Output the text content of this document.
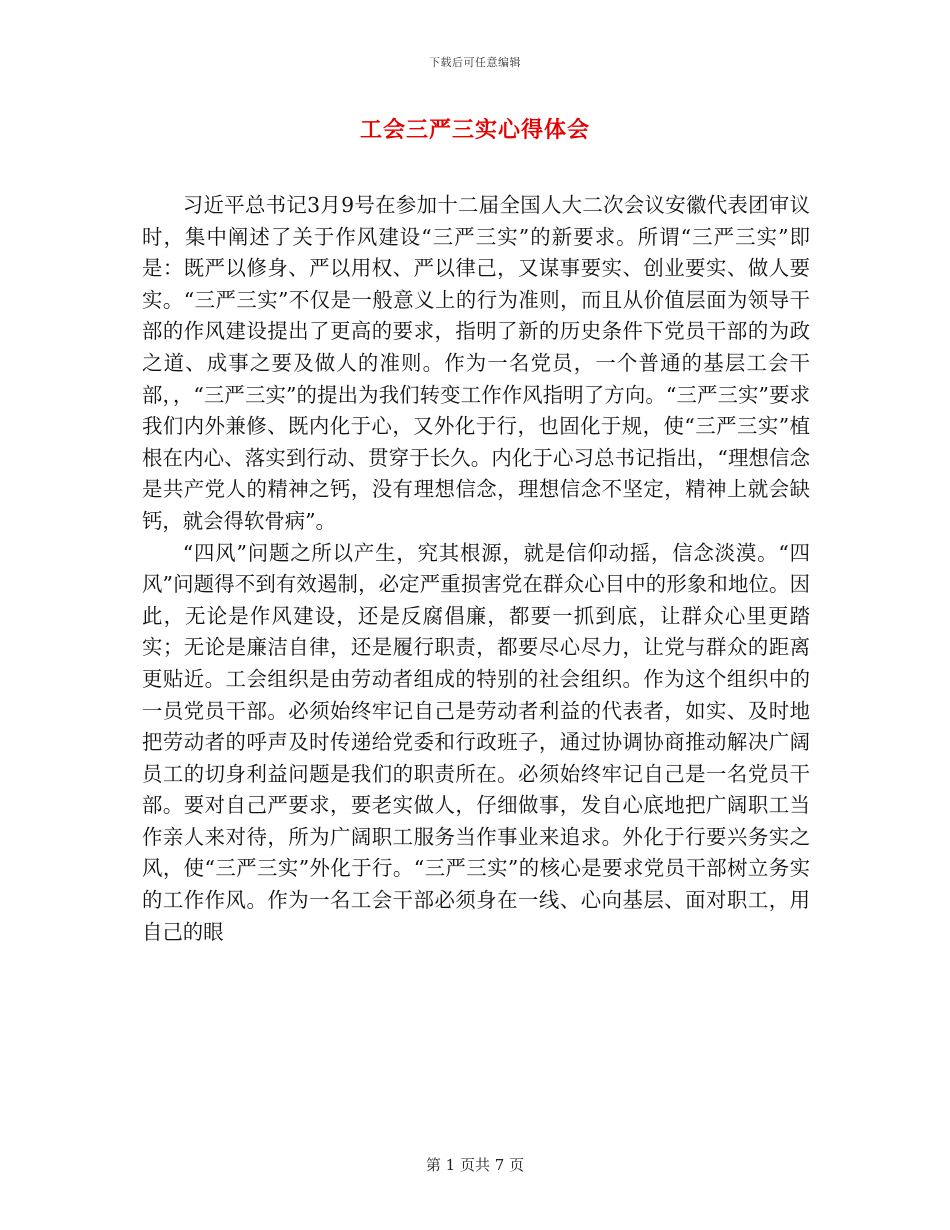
下载后可任意编辑
工会三严三实心得体会

习近平总书记3月9号在参加十二届全国人大二次会议安徽代表团审议时，集中阐述了关于作风建设“三严三实”的新要求。所谓“三严三实”即是：既严以修身、严以用权、严以律己，又谋事要实、创业要实、做人要实。“三严三实”不仅是一般意义上的行为准则，而且从价值层面为领导干部的作风建设提出了更高的要求，指明了新的历史条件下党员干部的为政之道、成事之要及做人的准则。作为一名党员，一个普通的基层工会干部，，“三严三实”的提出为我们转变工作作风指明了方向。“三严三实”要求我们内外兼修、既内化于心，又外化于行，也固化于规，使“三严三实”植根在内心、落实到行动、贯穿于长久。内化于心习总书记指出，“理想信念是共产党人的精神之钙，没有理想信念，理想信念不坚定，精神上就会缺钙，就会得软骨病”。

“四风”问题之所以产生，究其根源，就是信仰动摇，信念淡漠。“四风”问题得不到有效遏制，必定严重损害党在群众心目中的形象和地位。因此，无论是作风建设，还是反腐倡廉，都要一抓到底，让群众心里更踏实；无论是廉洁自律，还是履行职责，都要尽心尽力，让党与群众的距离更贴近。工会组织是由劳动者组成的特别的社会组织。作为这个组织中的一员党员干部。必须始终牢记自己是劳动者利益的代表者，如实、及时地把劳动者的呼声及时传递给党委和行政班子，通过协调协商推动解决广阔员工的切身利益问题是我们的职责所在。必须始终牢记自己是一名党员干部。要对自己严要求，要老实做人，仔细做事，发自心底地把广阔职工当作亲人来对待，所为广阔职工服务当作事业来追求。外化于行要兴务实之风，使“三严三实”外化于行。“三严三实”的核心是要求党员干部树立务实的工作作风。作为一名工会干部必须身在一线、心向基层、面对职工，用自己的眼

第 1 页共 7 页
